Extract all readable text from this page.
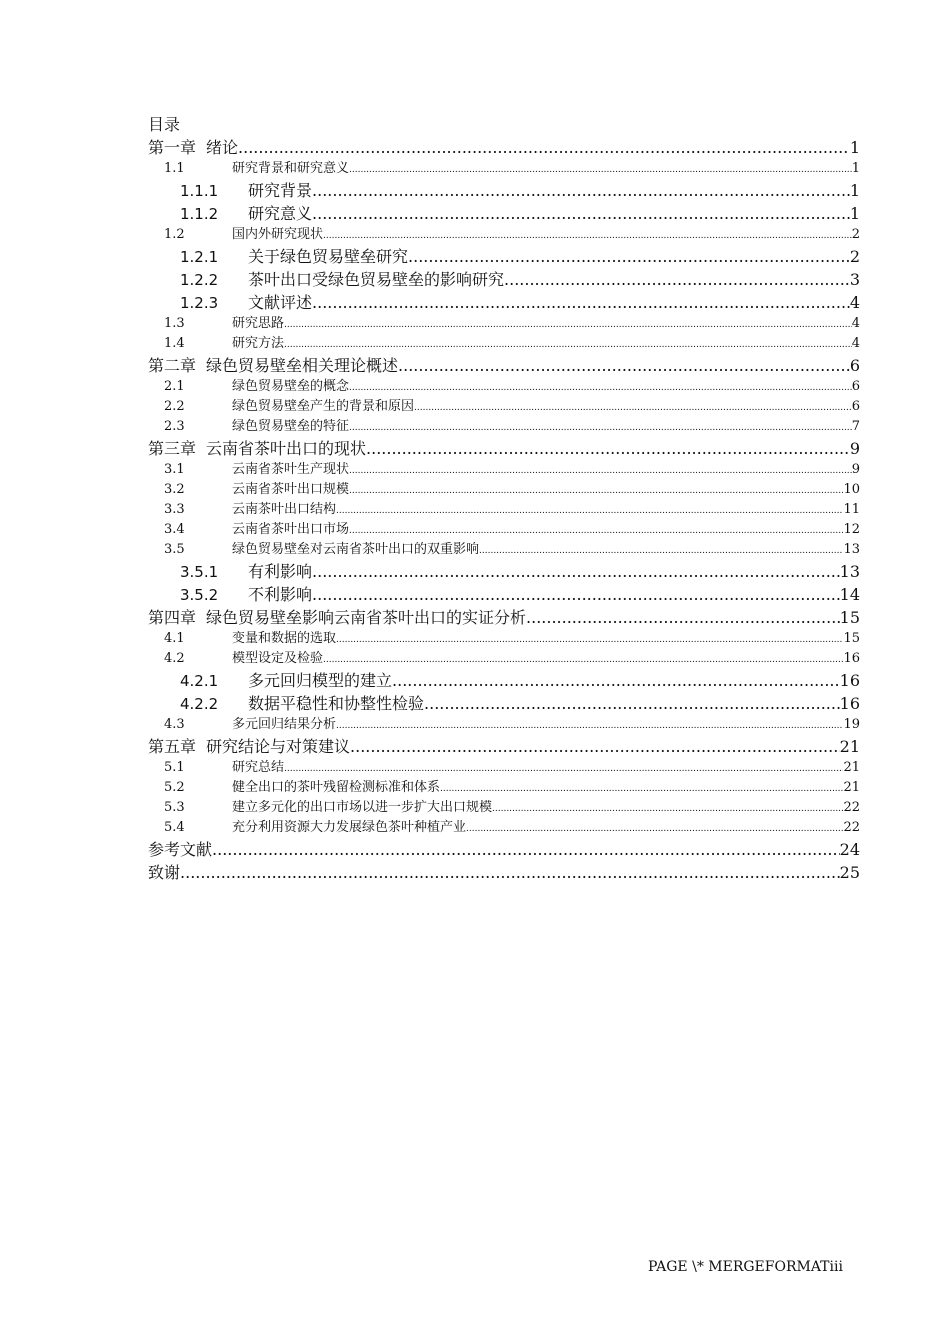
目录
第一章 绪论 .....	1
1.1	研究背景和研究意义 .....	1
1.1.1	研究背景 .....	1
1.1.2	研究意义 .....	1
1.2	国内外研究现状 .....	2
1.2.1	关于绿色贸易壁垒研究 .....	2
1.2.2	茶叶出口受绿色贸易壁垒的影响研究 .....	3
1.2.3	文献评述 .....	4
1.3	研究思路 .....	4
1.4	研究方法 .....	4
第二章 绿色贸易壁垒相关理论概述 .....	6
2.1	绿色贸易壁垒的概念 .....	6
2.2	绿色贸易壁垒产生的背景和原因 .....	6
2.3	绿色贸易壁垒的特征 .....	7
第三章 云南省茶叶出口的现状 .....	9
3.1	云南省茶叶生产现状 .....	9
3.2	云南省茶叶出口规模 .....	10
3.3	云南茶叶出口结构 .....	11
3.4	云南省茶叶出口市场 .....	12
3.5	绿色贸易壁垒对云南省茶叶出口的双重影响 .....	13
3.5.1	有利影响 .....	13
3.5.2	不利影响 .....	14
第四章 绿色贸易壁垒影响云南省茶叶出口的实证分析 .....	15
4.1	变量和数据的选取 .....	15
4.2	模型设定及检验 .....	16
4.2.1	多元回归模型的建立 .....	16
4.2.2	数据平稳性和协整性检验 .....	16
4.3	多元回归结果分析 .....	19
第五章 研究结论与对策建议 .....	21
5.1	研究总结 .....	21
5.2	健全出口的茶叶残留检测标准和体系 .....	21
5.3	建立多元化的出口市场以进一步扩大出口规模 .....	22
5.4	充分利用资源大力发展绿色茶叶种植产业 .....	22
参考文献 .....	24
致谢 .....	25
PAGE \* MERGEFORMATiii
